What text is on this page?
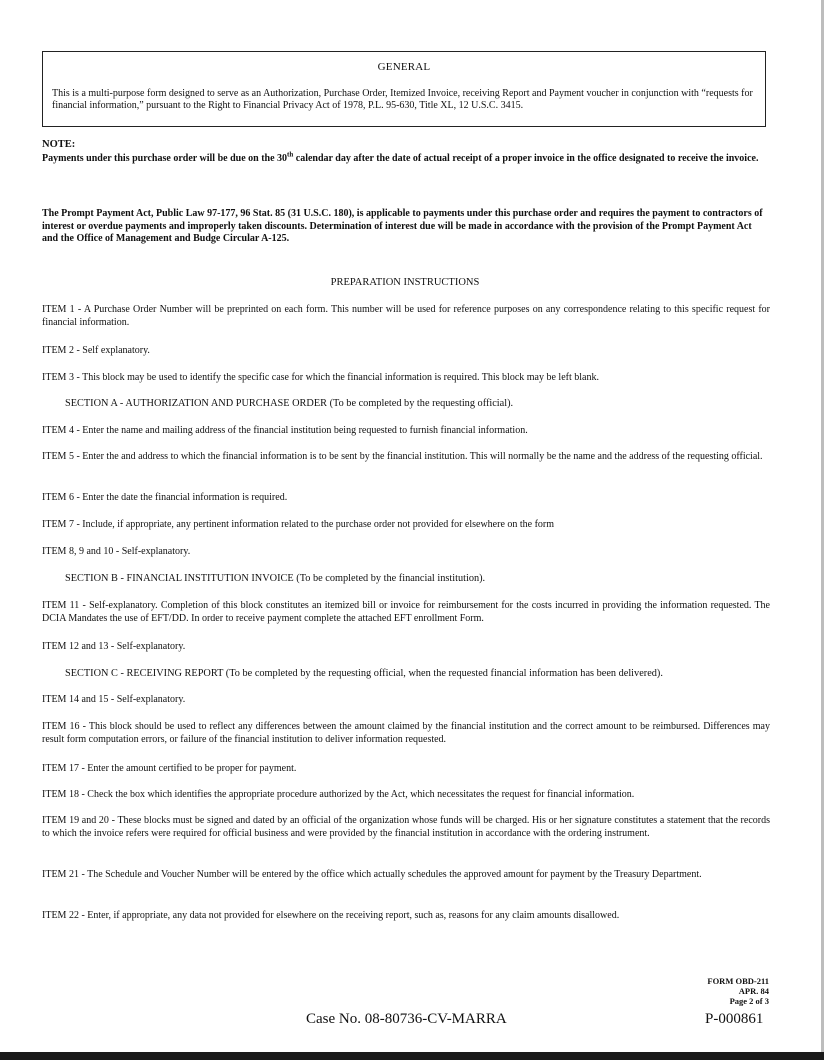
GENERAL
This is a multi-purpose form designed to serve as an Authorization, Purchase Order, Itemized Invoice, receiving Report and Payment voucher in conjunction with “requests for financial information,” pursuant to the Right to Financial Privacy Act of 1978, P.L. 95-630, Title XL, 12 U.S.C. 3415.
NOTE:
Payments under this purchase order will be due on the 30th calendar day after the date of actual receipt of a proper invoice in the office designated to receive the invoice.
The Prompt Payment Act, Public Law 97-177, 96 Stat. 85 (31 U.S.C. 180), is applicable to payments under this purchase order and requires the payment to contractors of interest or overdue payments and improperly taken discounts. Determination of interest due will be made in accordance with the provision of the Prompt Payment Act and the Office of Management and Budge Circular A-125.
PREPARATION INSTRUCTIONS
ITEM 1 - A Purchase Order Number will be preprinted on each form. This number will be used for reference purposes on any correspondence relating to this specific request for financial information.
ITEM 2 - Self explanatory.
ITEM 3 - This block may be used to identify the specific case for which the financial information is required. This block may be left blank.
SECTION A - AUTHORIZATION AND PURCHASE ORDER (To be completed by the requesting official).
ITEM 4 - Enter the name and mailing address of the financial institution being requested to furnish financial information.
ITEM 5 - Enter the and address to which the financial information is to be sent by the financial institution. This will normally be the name and the address of the requesting official.
ITEM 6 - Enter the date the financial information is required.
ITEM 7 - Include, if appropriate, any pertinent information related to the purchase order not provided for elsewhere on the form
ITEM 8, 9 and 10 - Self-explanatory.
SECTION B - FINANCIAL INSTITUTION INVOICE (To be completed by the financial institution).
ITEM 11 - Self-explanatory. Completion of this block constitutes an itemized bill or invoice for reimbursement for the costs incurred in providing the information requested. The DCIA Mandates the use of EFT/DD. In order to receive payment complete the attached EFT enrollment Form.
ITEM 12 and 13 - Self-explanatory.
SECTION C - RECEIVING REPORT (To be completed by the requesting official, when the requested financial information has been delivered).
ITEM 14 and 15 - Self-explanatory.
ITEM 16 - This block should be used to reflect any differences between the amount claimed by the financial institution and the correct amount to be reimbursed. Differences may result form computation errors, or failure of the financial institution to deliver information requested.
ITEM 17 - Enter the amount certified to be proper for payment.
ITEM 18 - Check the box which identifies the appropriate procedure authorized by the Act, which necessitates the request for financial information.
ITEM 19 and 20 - These blocks must be signed and dated by an official of the organization whose funds will be charged. His or her signature constitutes a statement that the records to which the invoice refers were required for official business and were provided by the financial institution in accordance with the ordering instrument.
ITEM 21 - The Schedule and Voucher Number will be entered by the office which actually schedules the approved amount for payment by the Treasury Department.
ITEM 22 - Enter, if appropriate, any data not provided for elsewhere on the receiving report, such as, reasons for any claim amounts disallowed.
FORM OBD-211
APR. 84
Page 2 of 3
Case No. 08-80736-CV-MARRA	P-000861
